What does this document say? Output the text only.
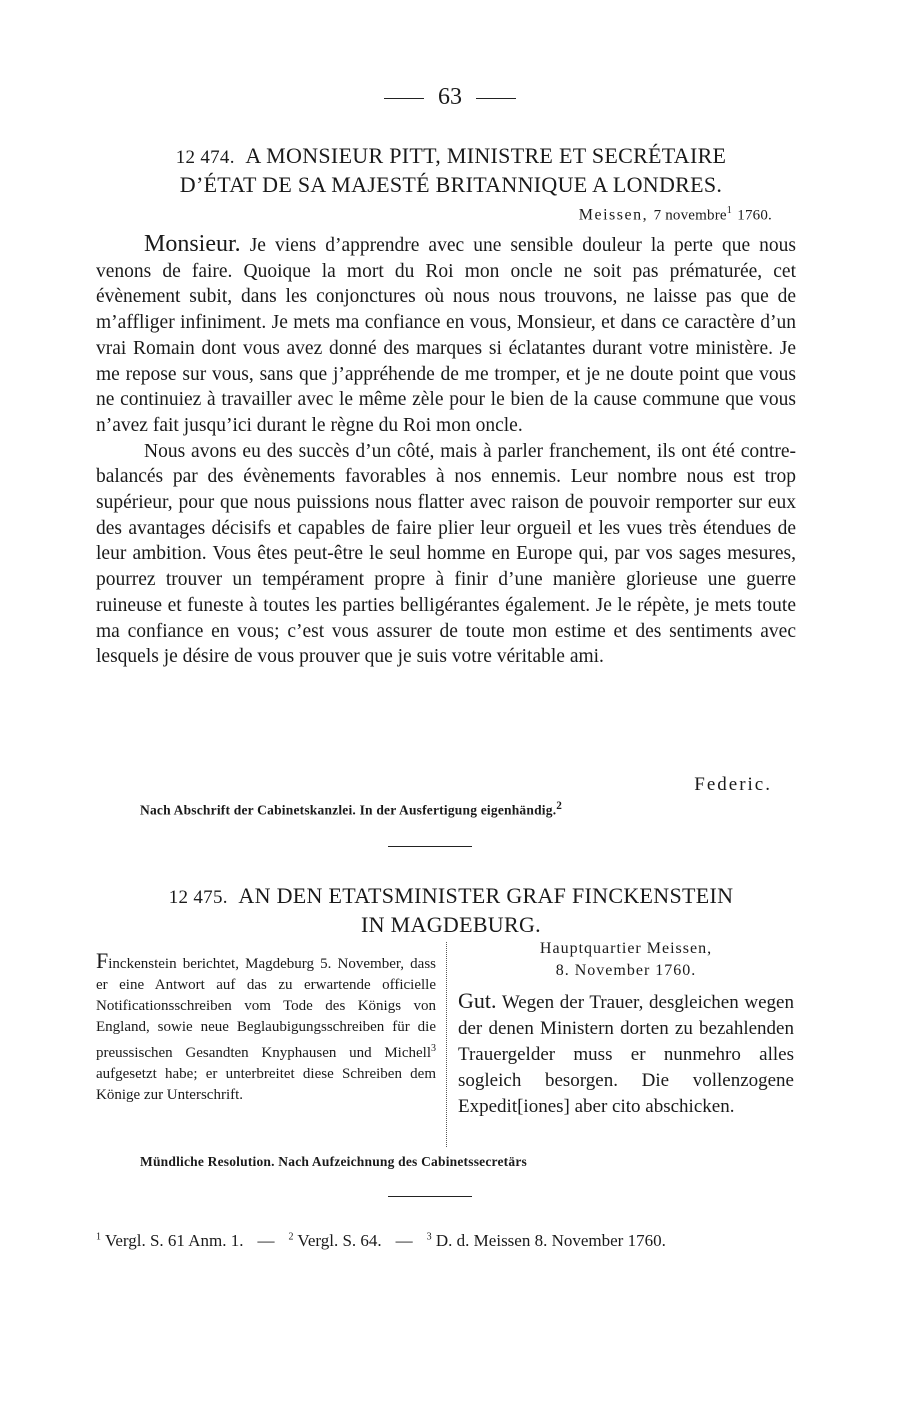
63
12 474. A MONSIEUR PITT, MINISTRE ET SECRÉTAIRE
D’ÉTAT DE SA MAJESTÉ BRITANNIQUE A LONDRES.
Meissen, 7 novembre$^1$ 1760.

Monsieur. Je viens d’apprendre avec une sensible douleur la perte que nous venons de faire. Quoique la mort du Roi mon oncle ne soit pas prématurée, cet évènement subit, dans les conjonctures où nous nous trouvons, ne laisse pas que de m’affliger infiniment. Je mets ma confiance en vous, Monsieur, et dans ce caractère d’un vrai Romain dont vous avez donné des marques si éclatantes durant votre ministère. Je me repose sur vous, sans que j’appréhende de me tromper, et je ne doute point que vous ne continuiez à travailler avec le même zèle pour le bien de la cause commune que vous n’avez fait jusqu’ici durant le règne du Roi mon oncle.

Nous avons eu des succès d’un côté, mais à parler franchement, ils ont été contre-balancés par des évènements favorables à nos ennemis. Leur nombre nous est trop supérieur, pour que nous puissions nous flatter avec raison de pouvoir remporter sur eux des avantages décisifs et capables de faire plier leur orgueil et les vues très étendues de leur ambition. Vous êtes peut-être le seul homme en Europe qui, par vos sages mesures, pourrez trouver un tempérament propre à finir d’une manière glorieuse une guerre ruineuse et funeste à toutes les parties belligérantes également. Je le répète, je mets toute ma confiance en vous; c’est vous assurer de toute mon estime et des sentiments avec lesquels je désire de vous prouver que je suis votre véritable ami.

Federic.
Nach Abschrift der Cabinetskanzlei. In der Ausfertigung eigenhändig.$^2$
12 475. AN DEN ETATSMINISTER GRAF FINCKENSTEIN
IN MAGDEBURG.
Finckenstein berichtet, Magdeburg 5. November, dass er eine Antwort auf das zu erwartende officielle Notificationsschreiben vom Tode des Königs von England, sowie neue Beglaubigungsschreiben für die preussischen Gesandten Knyphausen und Michell$^3$ aufgesetzt habe; er unterbreitet diese Schreiben dem Könige zur Unterschrift.
Hauptquartier Meissen,
8. November 1760.
Gut. Wegen der Trauer, desgleichen wegen der denen Ministern dorten zu bezahlenden Trauergelder muss er nunmehro alles sogleich besorgen. Die vollenzogene Expedit[iones] aber cito abschicken.
Mündliche Resolution. Nach Aufzeichnung des Cabinetssecretärs
$^1$ Vergl. S. 61 Anm. 1. — $^2$ Vergl. S. 64. — $^3$ D. d. Meissen 8. November 1760.
